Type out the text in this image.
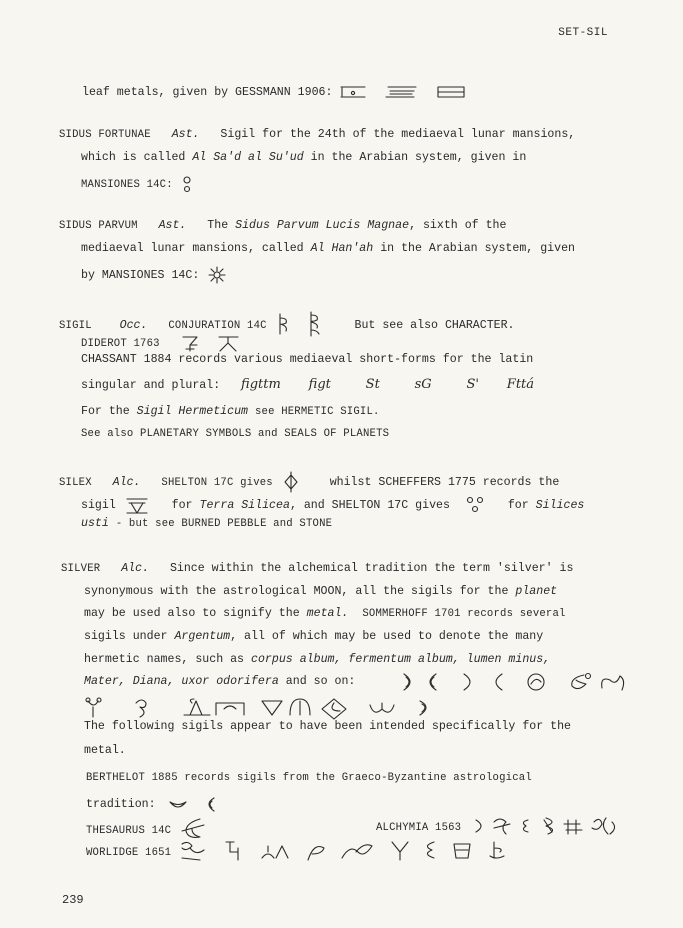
SET-SIL
leaf metals, given by GESSMANN 1906:
SIDUS FORTUNAE Ast. Sigil for the 24th of the mediaeval lunar mansions,
which is called Al Sa'd al Su'ud in the Arabian system, given in
MANSIONES 14C:
SIDUS PARVUM Ast. The Sidus Parvum Lucis Magnae, sixth of the
mediaeval lunar mansions, called Al Han'ah in the Arabian system, given
by MANSIONES 14C:
SIGIL Occ. CONJURATION 14C	But see also CHARACTER.
DIDEROT 1763
CHASSANT 1884 records various mediaeval short-forms for the latin
singular and plural: figttm figt	St	sG	S' Fttá
For the Sigil Hermeticum see HERMETIC SIGIL.
See also PLANETARY SYMBOLS and SEALS OF PLANETS
SILEX Alc. SHELTON 17C gives	whilst SCHEFFERS 1775 records the
sigil	for Terra Silicea, and SHELTON 17C gives	for Silices
usti - but see BURNED PEBBLE and STONE
SILVER Alc. Since within the alchemical tradition the term 'silver' is
synonymous with the astrological MOON, all the sigils for the planet
may be used also to signify the metal. SOMMERHOFF 1701 records several
sigils under Argentum, all of which may be used to denote the many
hermetic names, such as corpus album, fermentum album, lumen minus,
Mater, Diana, uxor odorifera and so on:
The following sigils appear to have been intended specifically for the
metal.
BERTHELOT 1885 records sigils from the Graeco-Byzantine astrological
tradition:
THESAURUS 14C	ALCHYMIA 1563
WORLIDGE 1651
239
